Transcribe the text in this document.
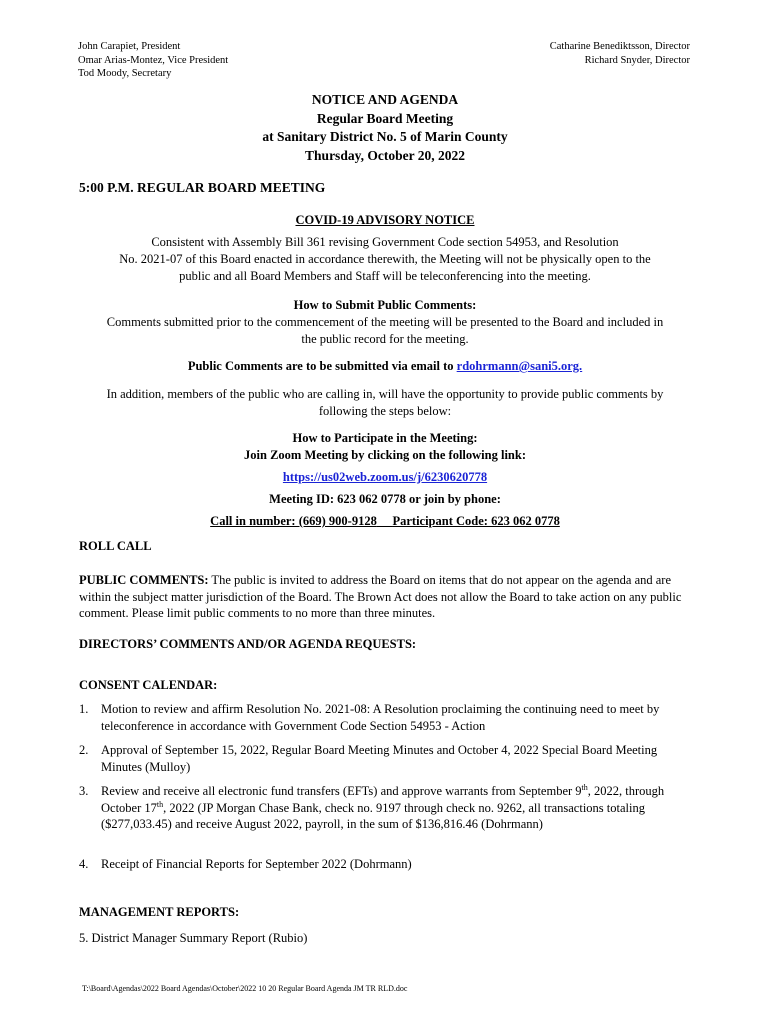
John Carapiet, President
Omar Arias-Montez, Vice President
Tod Moody, Secretary
Catharine Benediktsson, Director
Richard Snyder, Director
NOTICE AND AGENDA
Regular Board Meeting
at Sanitary District No. 5 of Marin County
Thursday, October 20, 2022
5:00 P.M. REGULAR BOARD MEETING
COVID-19 ADVISORY NOTICE
Consistent with Assembly Bill 361 revising Government Code section 54953, and Resolution
No. 2021-07 of this Board enacted in accordance therewith, the Meeting will not be physically open to the
public and all Board Members and Staff will be teleconferencing into the meeting.
How to Submit Public Comments:
Comments submitted prior to the commencement of the meeting will be presented to the Board and included in
the public record for the meeting.
Public Comments are to be submitted via email to rdohrmann@sani5.org.
In addition, members of the public who are calling in, will have the opportunity to provide public comments by
following the steps below:
How to Participate in the Meeting:
Join Zoom Meeting by clicking on the following link:
https://us02web.zoom.us/j/6230620778
Meeting ID: 623 062 0778 or join by phone:
Call in number: (669) 900-9128 Participant Code: 623 062 0778
ROLL CALL
PUBLIC COMMENTS: The public is invited to address the Board on items that do not appear on the agenda and are within the subject matter jurisdiction of the Board. The Brown Act does not allow the Board to take action on any public comment. Please limit public comments to no more than three minutes.
DIRECTORS’ COMMENTS AND/OR AGENDA REQUESTS:
CONSENT CALENDAR:
1. Motion to review and affirm Resolution No. 2021-08: A Resolution proclaiming the continuing need to meet by teleconference in accordance with Government Code Section 54953 - Action
2. Approval of September 15, 2022, Regular Board Meeting Minutes and October 4, 2022 Special Board Meeting Minutes (Mulloy)
3. Review and receive all electronic fund transfers (EFTs) and approve warrants from September 9th, 2022, through October 17th, 2022 (JP Morgan Chase Bank, check no. 9197 through check no. 9262, all transactions totaling ($277,033.45) and receive August 2022, payroll, in the sum of $136,816.46 (Dohrmann)
4. Receipt of Financial Reports for September 2022 (Dohrmann)
MANAGEMENT REPORTS:
5. District Manager Summary Report (Rubio)
T:\Board\Agendas\2022 Board Agendas\October\2022 10 20 Regular Board Agenda JM TR RLD.doc
